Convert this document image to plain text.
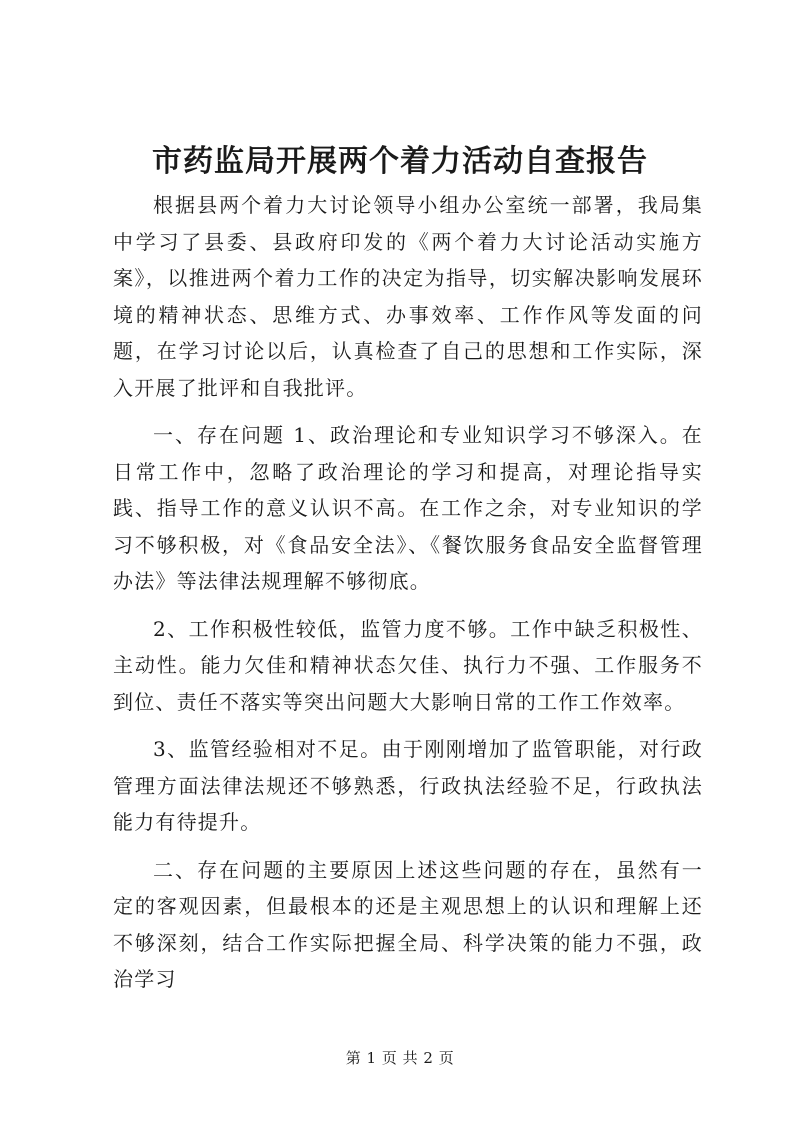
市药监局开展两个着力活动自查报告

根据县两个着力大讨论领导小组办公室统一部署，我局集中学习了县委、县政府印发的《两个着力大讨论活动实施方案》，以推进两个着力工作的决定为指导，切实解决影响发展环境的精神状态、思维方式、办事效率、工作作风等发面的问题，在学习讨论以后，认真检查了自己的思想和工作实际，深入开展了批评和自我批评。

一、存在问题 1、政治理论和专业知识学习不够深入。在日常工作中，忽略了政治理论的学习和提高，对理论指导实践、指导工作的意义认识不高。在工作之余，对专业知识的学习不够积极，对《食品安全法》、《餐饮服务食品安全监督管理办法》等法律法规理解不够彻底。

2、工作积极性较低，监管力度不够。工作中缺乏积极性、主动性。能力欠佳和精神状态欠佳、执行力不强、工作服务不到位、责任不落实等突出问题大大影响日常的工作工作效率。

3、监管经验相对不足。由于刚刚增加了监管职能，对行政管理方面法律法规还不够熟悉，行政执法经验不足，行政执法能力有待提升。

二、存在问题的主要原因上述这些问题的存在，虽然有一定的客观因素，但最根本的还是主观思想上的认识和理解上还不够深刻，结合工作实际把握全局、科学决策的能力不强，政治学习

第 1 页 共 2 页
